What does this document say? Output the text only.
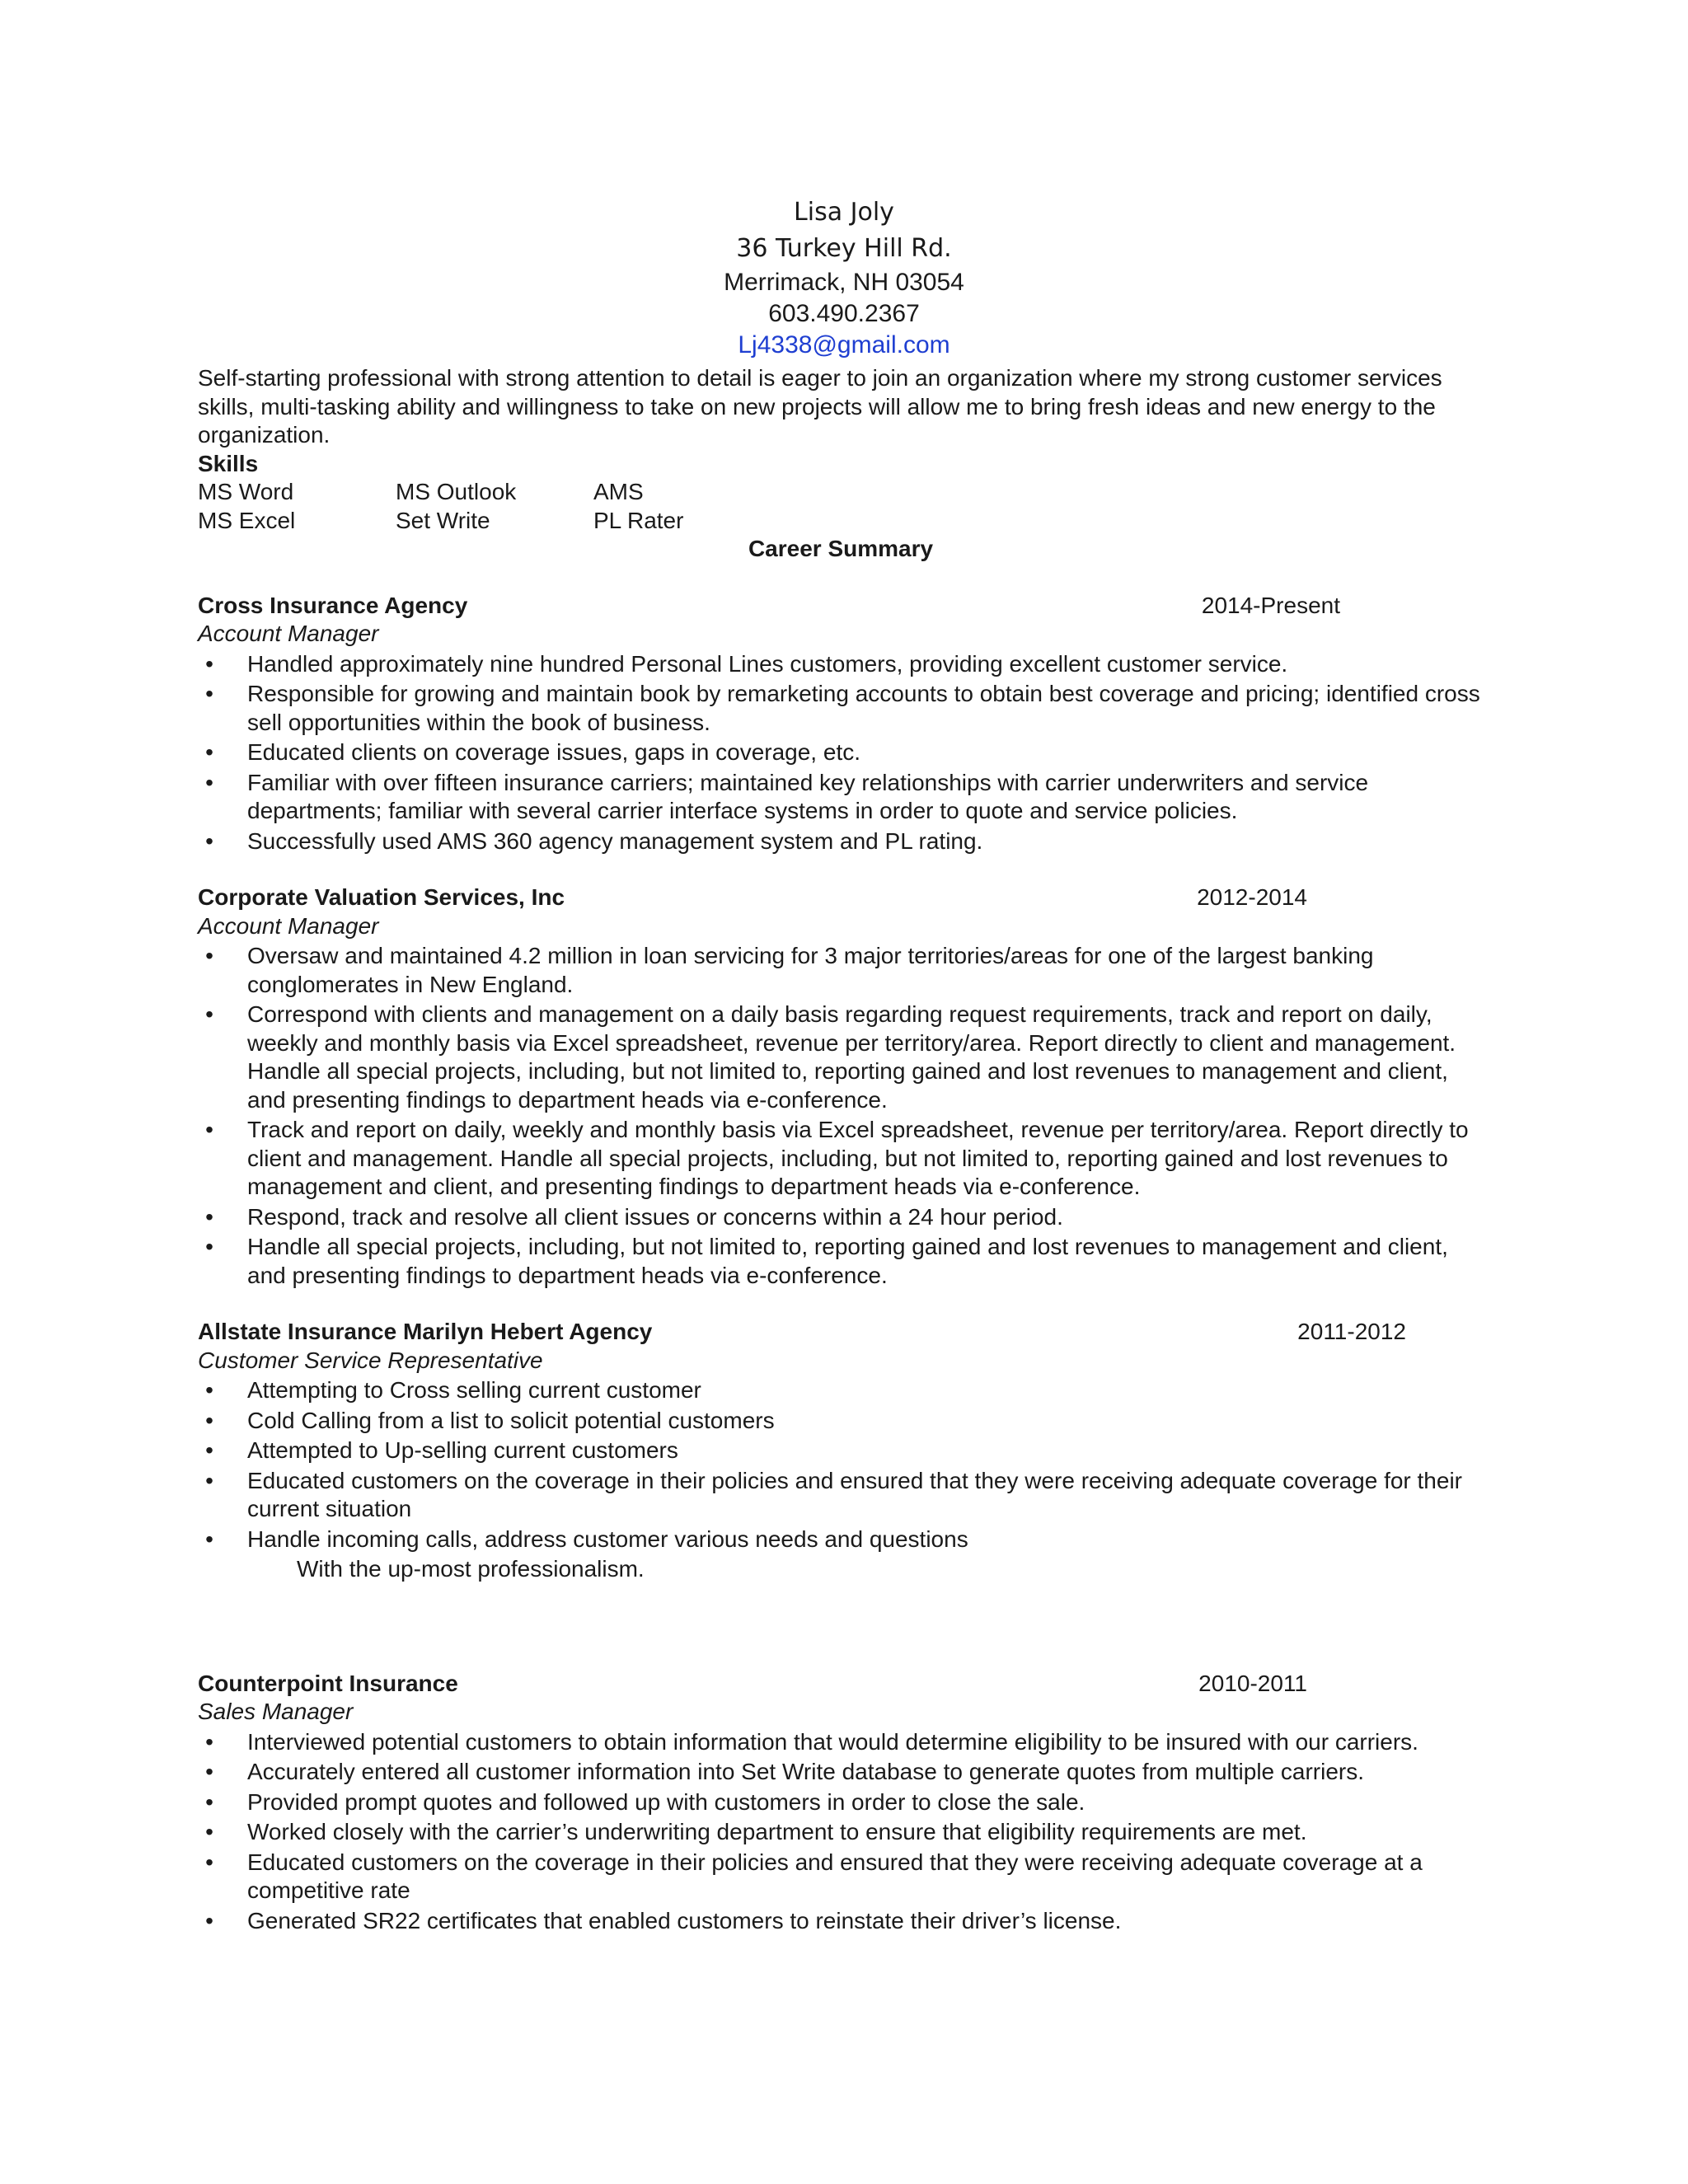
Lisa Joly
36 Turkey Hill Rd.
Merrimack, NH 03054
603.490.2367
Lj4338@gmail.com

Self-starting professional with strong attention to detail is eager to join an organization where my strong customer services skills, multi-tasking ability and willingness to take on new projects will allow me to bring fresh ideas and new energy to the organization.

Skills

MS Word	MS Outlook	AMS
MS Excel	Set Write	PL Rater

Career Summary

Cross Insurance Agency	2014-Present
Account Manager
• Handled approximately nine hundred Personal Lines customers, providing excellent customer service.
• Responsible for growing and maintain book by remarketing accounts to obtain best coverage and pricing; identified cross sell opportunities within the book of business.
• Educated clients on coverage issues, gaps in coverage, etc.
• Familiar with over fifteen insurance carriers; maintained key relationships with carrier underwriters and service departments; familiar with several carrier interface systems in order to quote and service policies.
• Successfully used AMS 360 agency management system and PL rating.
Corporate Valuation Services, Inc	2012-2014
Account Manager
• Oversaw and maintained 4.2 million in loan servicing for 3 major territories/areas for one of the largest banking conglomerates in New England.
• Correspond with clients and management on a daily basis regarding request requirements, track and report on daily, weekly and monthly basis via Excel spreadsheet, revenue per territory/area. Report directly to client and management. Handle all special projects, including, but not limited to, reporting gained and lost revenues to management and client, and presenting findings to department heads via e-conference.
• Track and report on daily, weekly and monthly basis via Excel spreadsheet, revenue per territory/area. Report directly to client and management. Handle all special projects, including, but not limited to, reporting gained and lost revenues to management and client, and presenting findings to department heads via e-conference.
• Respond, track and resolve all client issues or concerns within a 24 hour period.
• Handle all special projects, including, but not limited to, reporting gained and lost revenues to management and client, and presenting findings to department heads via e-conference.
Allstate Insurance Marilyn Hebert Agency	2011-2012
Customer Service Representative
• Attempting to Cross selling current customer
• Cold Calling from a list to solicit potential customers
• Attempted to Up-selling current customers
• Educated customers on the coverage in their policies and ensured that they were receiving adequate coverage for their current situation
• Handle incoming calls, address customer various needs and questions
With the up-most professionalism.
Counterpoint Insurance	2010-2011
Sales Manager
• Interviewed potential customers to obtain information that would determine eligibility to be insured with our carriers.
• Accurately entered all customer information into Set Write database to generate quotes from multiple carriers.
• Provided prompt quotes and followed up with customers in order to close the sale.
• Worked closely with the carrier’s underwriting department to ensure that eligibility requirements are met.
• Educated customers on the coverage in their policies and ensured that they were receiving adequate coverage at a competitive rate
• Generated SR22 certificates that enabled customers to reinstate their driver’s license.
